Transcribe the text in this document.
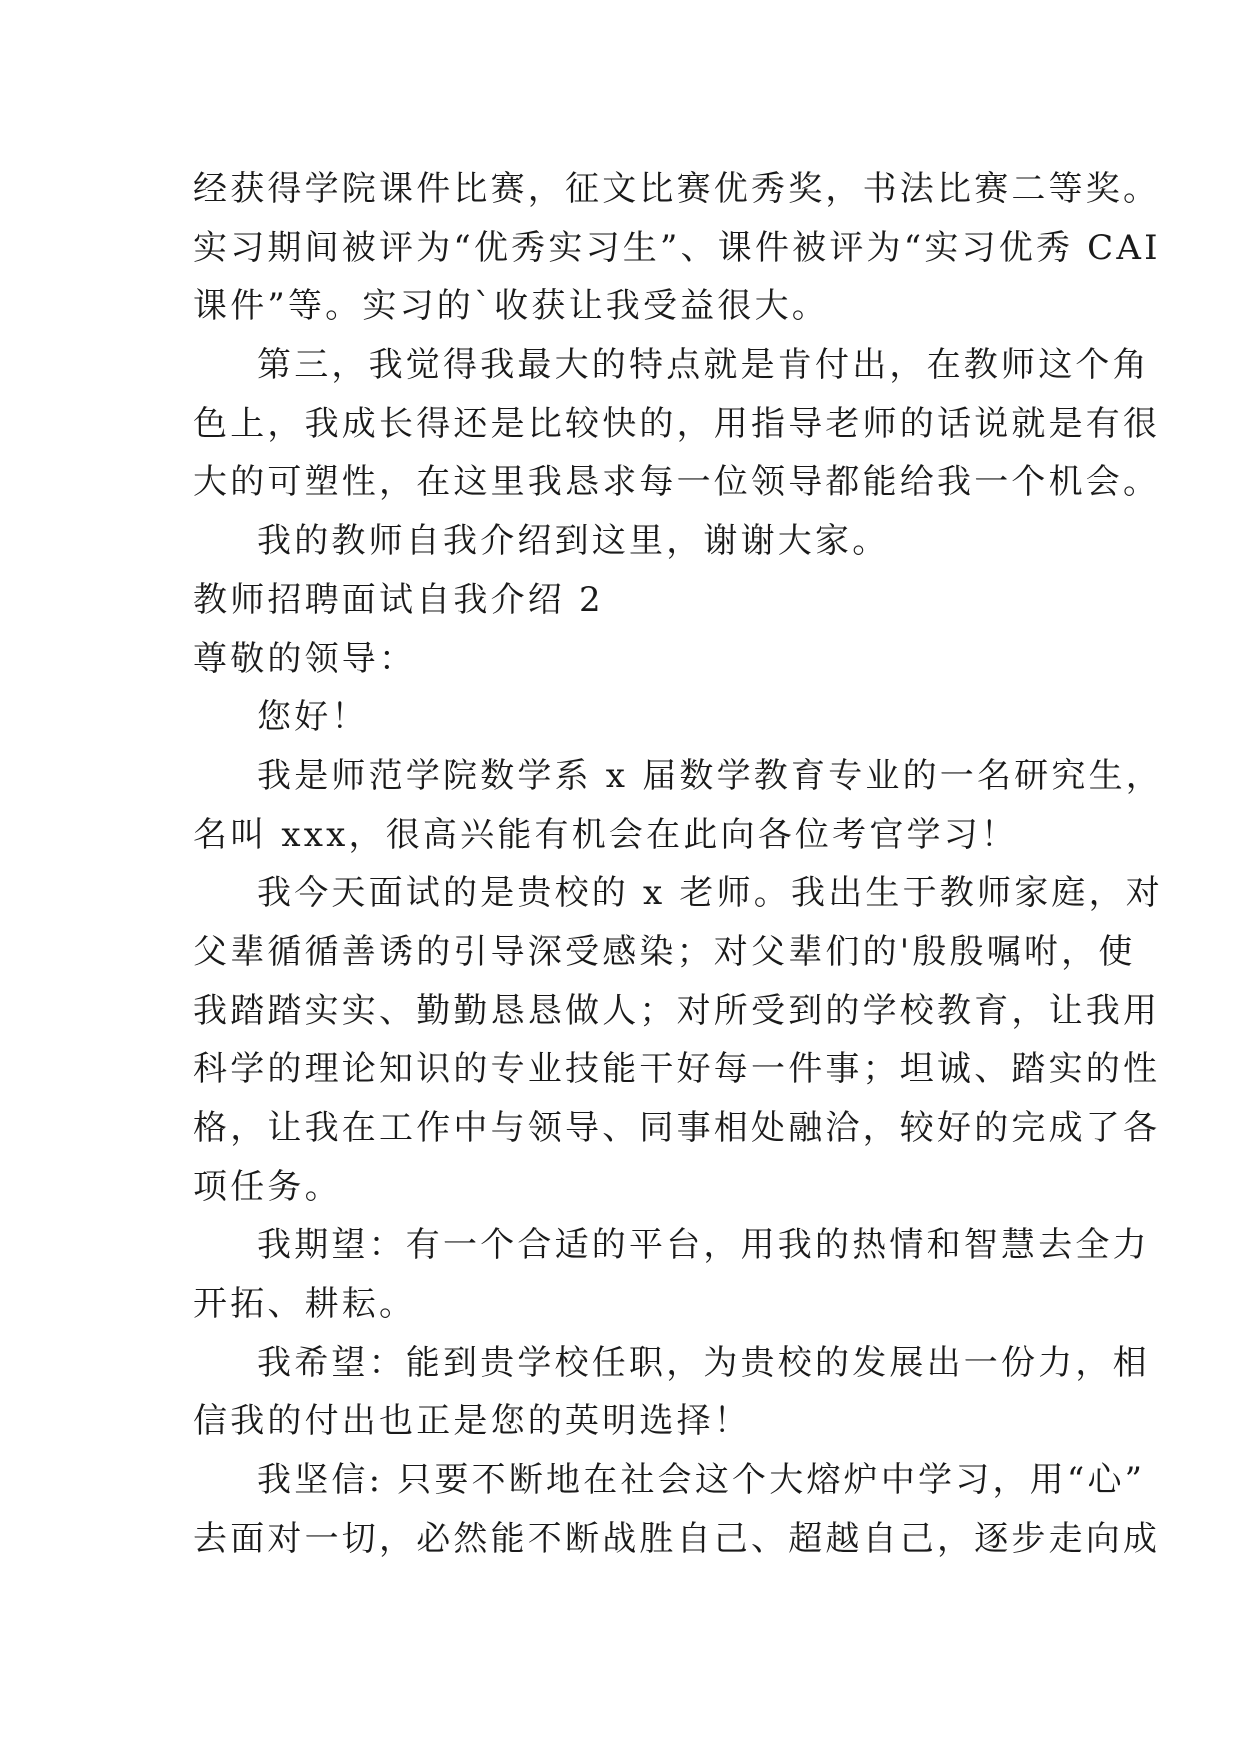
经获得学院课件比赛，征文比赛优秀奖，书法比赛二等奖。
实习期间被评为“优秀实习生”、课件被评为“实习优秀 CAI
课件”等。实习的`收获让我受益很大。
第三，我觉得我最大的特点就是肯付出，在教师这个角
色上，我成长得还是比较快的，用指导老师的话说就是有很
大的可塑性，在这里我恳求每一位领导都能给我一个机会。
我的教师自我介绍到这里，谢谢大家。
教师招聘面试自我介绍 2
尊敬的领导：
您好！
我是师范学院数学系 x 届数学教育专业的一名研究生，
名叫 xxx，很高兴能有机会在此向各位考官学习！
我今天面试的是贵校的 x 老师。我出生于教师家庭，对
父辈循循善诱的引导深受感染；对父辈们的'殷殷嘱咐，使
我踏踏实实、勤勤恳恳做人；对所受到的学校教育，让我用
科学的理论知识的专业技能干好每一件事；坦诚、踏实的性
格，让我在工作中与领导、同事相处融洽，较好的完成了各
项任务。
我期望：有一个合适的平台，用我的热情和智慧去全力
开拓、耕耘。
我希望：能到贵学校任职，为贵校的发展出一份力，相
信我的付出也正是您的英明选择！
我坚信: 只要不断地在社会这个大熔炉中学习，用“心”
去面对一切，必然能不断战胜自己、超越自己，逐步走向成
